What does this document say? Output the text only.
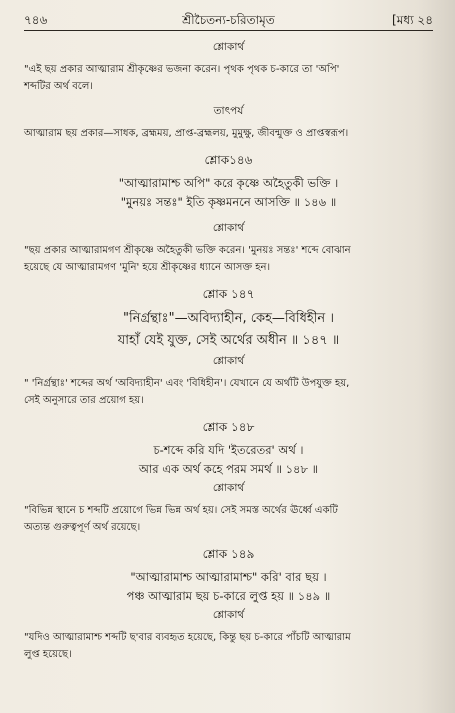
৭৪৬	শ্রীচৈতন্য-চরিতামৃত	[মধ্য ২৪
শ্লোকার্থ
"এই ছয় প্রকার আত্মারাম শ্রীকৃষ্ণের ভজনা করেন। পৃথক পৃথক চ-কারে তা 'অপি'
শব্দটির অর্থ বলে।
তাৎপর্য
আত্মারাম ছয় প্রকার—সাধক, ব্রহ্মময়, প্রাপ্ত-ব্রহ্মলয়, মুমুক্ষু, জীবন্মুক্ত ও প্রাপ্তস্বরূপ।
শ্লোক১৪৬
"আত্মারামাশ্চ অপি" করে কৃষ্ণে অহৈতুকী ভক্তি ।
"মুনয়ঃ সন্তঃ" ইতি কৃষ্ণমননে আসক্তি ॥ ১৪৬ ॥
শ্লোকার্থ
"ছয় প্রকার আত্মারামগণ শ্রীকৃষ্ণে অহৈতুকী ভক্তি করেন। 'মুনয়ঃ সন্তঃ' শব্দে বোঝান
হয়েছে যে আত্মারামগণ 'মুনি' হয়ে শ্রীকৃষ্ণের ধ্যানে আসক্ত হন।
শ্লোক ১৪৭
"নির্গ্রন্থাঃ"—অবিদ্যাহীন, কেহ—বিধিহীন ।
যাহাঁ যেই যুক্ত, সেই অর্থের অধীন ॥ ১৪৭ ॥
শ্লোকার্থ
" 'নির্গ্রন্থাঃ' শব্দের অর্থ 'অবিদ্যাহীন' এবং 'বিধিহীন'। যেখানে যে অর্থটি উপযুক্ত হয়,
সেই অনুসারে তার প্রয়োগ হয়।
শ্লোক ১৪৮
চ-শব্দে করি যদি 'ইতরেতর' অর্থ ।
আর এক অর্থ কহে পরম সমর্থ ॥ ১৪৮ ॥
শ্লোকার্থ
"বিভিন্ন স্থানে চ শব্দটি প্রয়োগে ভিন্ন ভিন্ন অর্থ হয়। সেই সমস্ত অর্থের ঊর্ধ্বে একটি
অত্যন্ত গুরুত্বপূর্ণ অর্থ রয়েছে।
শ্লোক ১৪৯
"আত্মারামাশ্চ আত্মারামাশ্চ" করি' বার ছয় ।
পঞ্চ আত্মারাম ছয় চ-কারে লুপ্ত হয় ॥ ১৪৯ ॥
শ্লোকার্থ
"যদিও আত্মারামাশ্চ শব্দটি ছ'বার ব্যবহৃত হয়েছে, কিন্তু ছয় চ-কারে পাঁচটি আত্মারাম
লুপ্ত হয়েছে।
